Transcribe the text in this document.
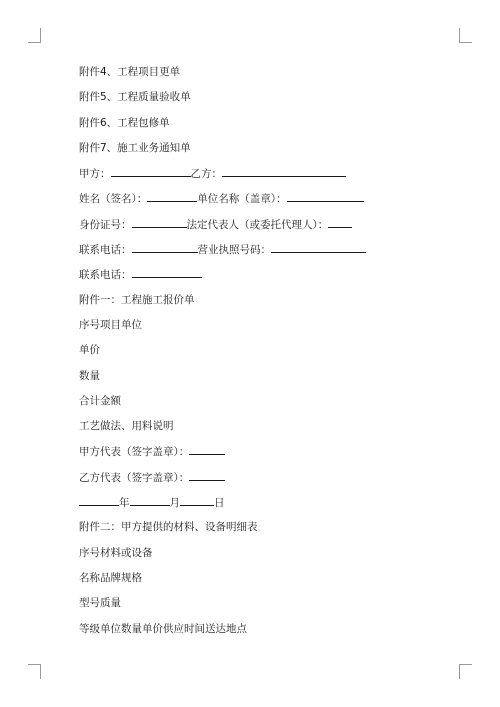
附件4、工程项目更单
附件5、工程质量验收单
附件6、工程包修单
附件7、施工业务通知单
甲方：	乙方：
姓名（签名）：	单位名称（盖章）：
身份证号：	法定代表人（或委托代理人）：
联系电话：	营业执照号码：
联系电话：
附件一：工程施工报价单
序号项目单位
单价
数量
合计金额
工艺做法、用料说明
甲方代表（签字盖章）：
乙方代表（签字盖章）：
年	月	日
附件二：甲方提供的材料、设备明细表
序号材料或设备
名称品牌规格
型号质量
等级单位数量单价供应时间送达地点
